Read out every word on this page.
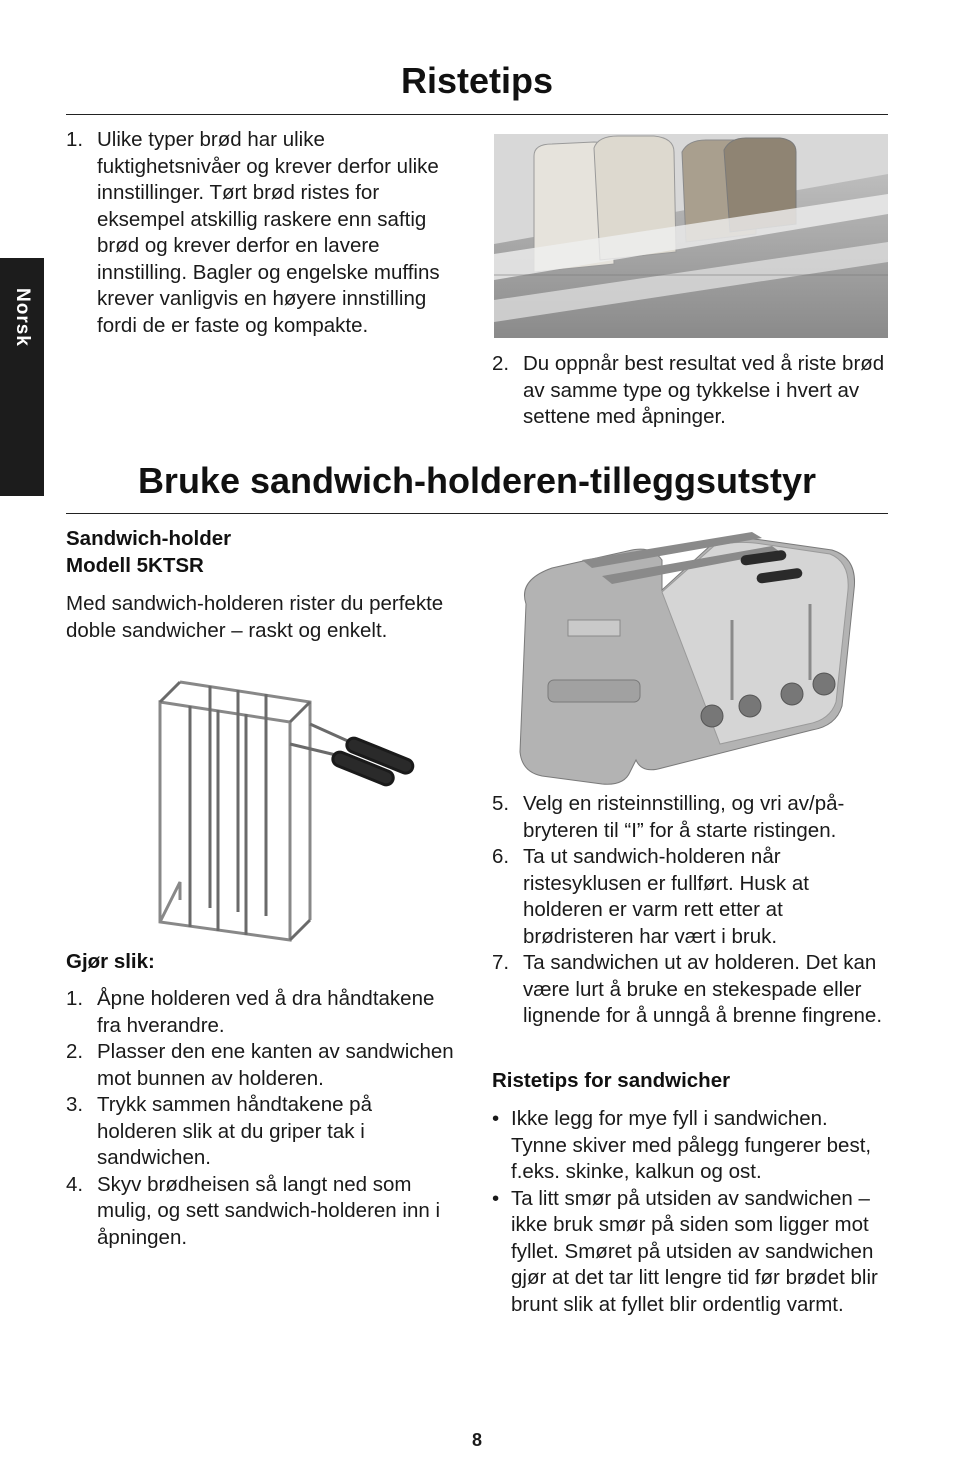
Norsk
Ristetips
1. Ulike typer brød har ulike fuktighetsnivåer og krever derfor ulike innstillinger. Tørt brød ristes for eksempel atskillig raskere enn saftig brød og krever derfor en lavere innstilling. Bagler og engelske muffins krever vanligvis en høyere innstilling fordi de er faste og kompakte.
2. Du oppnår best resultat ved å riste brød av samme type og tykkelse i hvert av settene med åpninger.
Bruke sandwich-holderen-tilleggsutstyr
Sandwich-holder
Modell 5KTSR

Med sandwich-holderen rister du perfekte doble sandwicher – raskt og enkelt.

Gjør slik:
1. Åpne holderen ved å dra håndtakene fra hverandre.
2. Plasser den ene kanten av sandwichen mot bunnen av holderen.
3. Trykk sammen håndtakene på holderen slik at du griper tak i sandwichen.
4. Skyv brødheisen så langt ned som mulig, og sett sandwich-holderen inn i åpningen.
5. Velg en risteinnstilling, og vri av/på-bryteren til “I” for å starte ristingen.
6. Ta ut sandwich-holderen når ristesyklusen er fullført. Husk at holderen er varm rett etter at brødristeren har vært i bruk.
7. Ta sandwichen ut av holderen. Det kan være lurt å bruke en stekespade eller lignende for å unngå å brenne fingrene.
Ristetips for sandwicher
• Ikke legg for mye fyll i sandwichen. Tynne skiver med pålegg fungerer best, f.eks. skinke, kalkun og ost.
• Ta litt smør på utsiden av sandwichen – ikke bruk smør på siden som ligger mot fyllet. Smøret på utsiden av sandwichen gjør at det tar litt lengre tid før brødet blir brunt slik at fyllet blir ordentlig varmt.
8
